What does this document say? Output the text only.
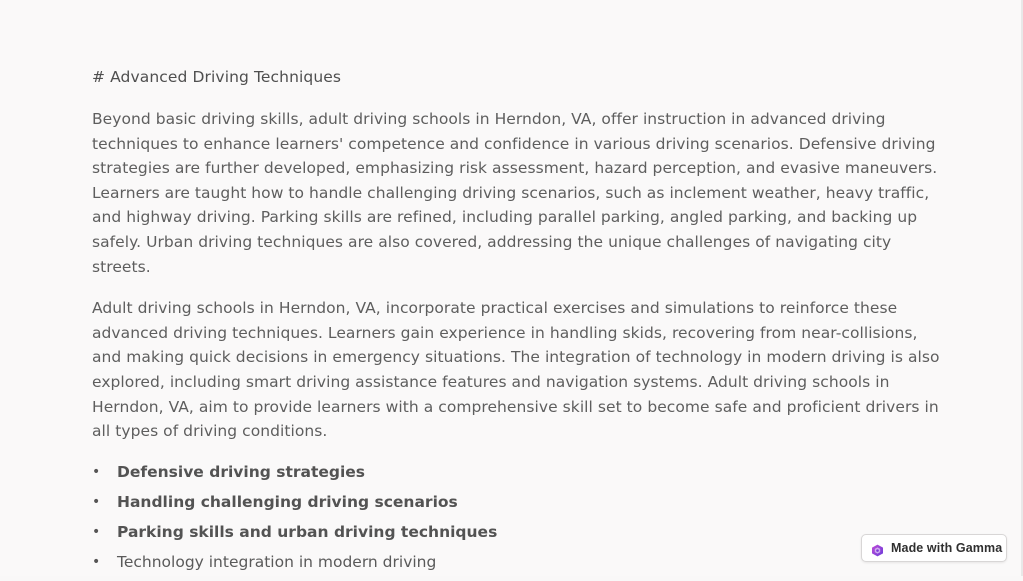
# Advanced Driving Techniques

Beyond basic driving skills, adult driving schools in Herndon, VA, offer instruction in advanced driving techniques to enhance learners' competence and confidence in various driving scenarios. Defensive driving strategies are further developed, emphasizing risk assessment, hazard perception, and evasive maneuvers. Learners are taught how to handle challenging driving scenarios, such as inclement weather, heavy traffic, and highway driving. Parking skills are refined, including parallel parking, angled parking, and backing up safely. Urban driving techniques are also covered, addressing the unique challenges of navigating city streets.

Adult driving schools in Herndon, VA, incorporate practical exercises and simulations to reinforce these advanced driving techniques. Learners gain experience in handling skids, recovering from near-collisions, and making quick decisions in emergency situations. The integration of technology in modern driving is also explored, including smart driving assistance features and navigation systems. Adult driving schools in Herndon, VA, aim to provide learners with a comprehensive skill set to become safe and proficient drivers in all types of driving conditions.

• Defensive driving strategies
• Handling challenging driving scenarios
• Parking skills and urban driving techniques
• Technology integration in modern driving
Made with Gamma
